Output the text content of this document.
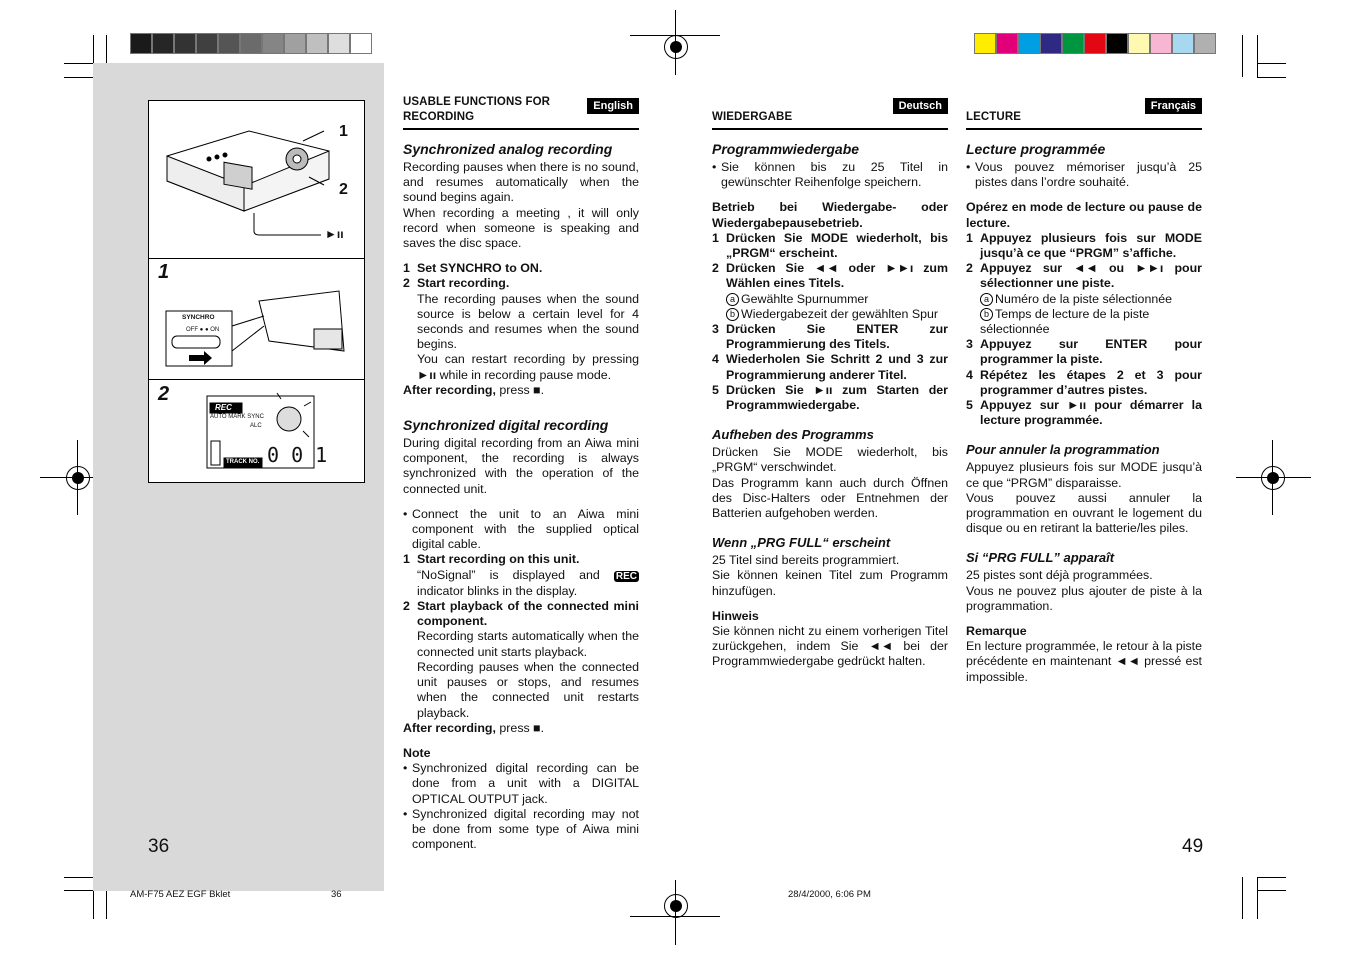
1
2
►ıı
1
2
SYNCHRO
OFF ● ● ON
REC
AUTO MARK SYNC
ALC
TRACK NO. 0 0 1
36	49
USABLE FUNCTIONS FOR RECORDING
English
Synchronized analog recording

Recording pauses when there is no sound, and resumes automatically when the sound begins again.

When recording a meeting , it will only record when someone is speaking and saves the disc space.

1 Set SYNCHRO to ON.
2 Start recording.

The recording pauses when the sound source is below a certain level for 4 seconds and resumes when the sound begins.

You can restart recording by pressing ►ıı while in recording pause mode.

After recording, press ■.

Synchronized digital recording

During digital recording from an Aiwa mini component, the recording is always synchronized with the operation of the connected unit.

• Connect the unit to an Aiwa mini component with the supplied optical digital cable.
1 Start recording on this unit.

“NoSignal” is displayed and REC indicator blinks in the display.

2 Start playback of the connected mini component.

Recording starts automatically when the connected unit starts playback.

Recording pauses when the connected unit pauses or stops, and resumes when the connected unit restarts playback.

After recording, press ■.

Note

• Synchronized digital recording can be done from a unit with a DIGITAL OPTICAL OUTPUT jack.
• Synchronized digital recording may not be done from some type of Aiwa mini component.
WIEDERGABE
Deutsch
Programmwiedergabe
• Sie können bis zu 25 Titel in gewünschter Reihenfolge speichern.

Betrieb bei Wiedergabe- oder Wiedergabepausebetrieb.

1 Drücken Sie MODE wiederholt, bis „PRGM“ erscheint.
2 Drücken Sie ◄◄ oder ►►ı zum Wählen eines Titels.

a Gewählte Spurnummer

b Wiedergabezeit der gewählten Spur

3 Drücken Sie ENTER zur Programmierung des Titels.
4 Wiederholen Sie Schritt 2 und 3 zur Programmierung anderer Titel.
5 Drücken Sie ►ıı zum Starten der Programmwiedergabe.
Aufheben des Programms

Drücken Sie MODE wiederholt, bis „PRGM“ verschwindet.

Das Programm kann auch durch Öffnen des Disc-Halters oder Entnehmen der Batterien aufgehoben werden.

Wenn „PRG FULL“ erscheint

25 Titel sind bereits programmiert.

Sie können keinen Titel zum Programm hinzufügen.

Hinweis

Sie können nicht zu einem vorherigen Titel zurückgehen, indem Sie ◄◄ bei der Programmwiedergabe gedrückt halten.

LECTURE
Français
Lecture programmée
• Vous pouvez mémoriser jusqu’à 25 pistes dans l’ordre souhaité.

Opérez en mode de lecture ou pause de lecture.

1 Appuyez plusieurs fois sur MODE jusqu’à ce que “PRGM” s’affiche.
2 Appuyez sur ◄◄ ou ►►ı pour sélectionner une piste.

a Numéro de la piste sélectionnée

b Temps de lecture de la piste sélectionnée

3 Appuyez sur ENTER pour programmer la piste.
4 Répétez les étapes 2 et 3 pour programmer d’autres pistes.
5 Appuyez sur ►ıı pour démarrer la lecture programmée.
Pour annuler la programmation

Appuyez plusieurs fois sur MODE jusqu’à ce que “PRGM” disparaisse.

Vous pouvez aussi annuler la programmation en ouvrant le logement du disque ou en retirant la batterie/les piles.

Si “PRG FULL” apparaît

25 pistes sont déjà programmées.

Vous ne pouvez plus ajouter de piste à la programmation.

Remarque

En lecture programmée, le retour à la piste précédente en maintenant ◄◄ pressé est impossible.

AM-F75 AEZ EGF Bklet	36	28/4/2000, 6:06 PM
